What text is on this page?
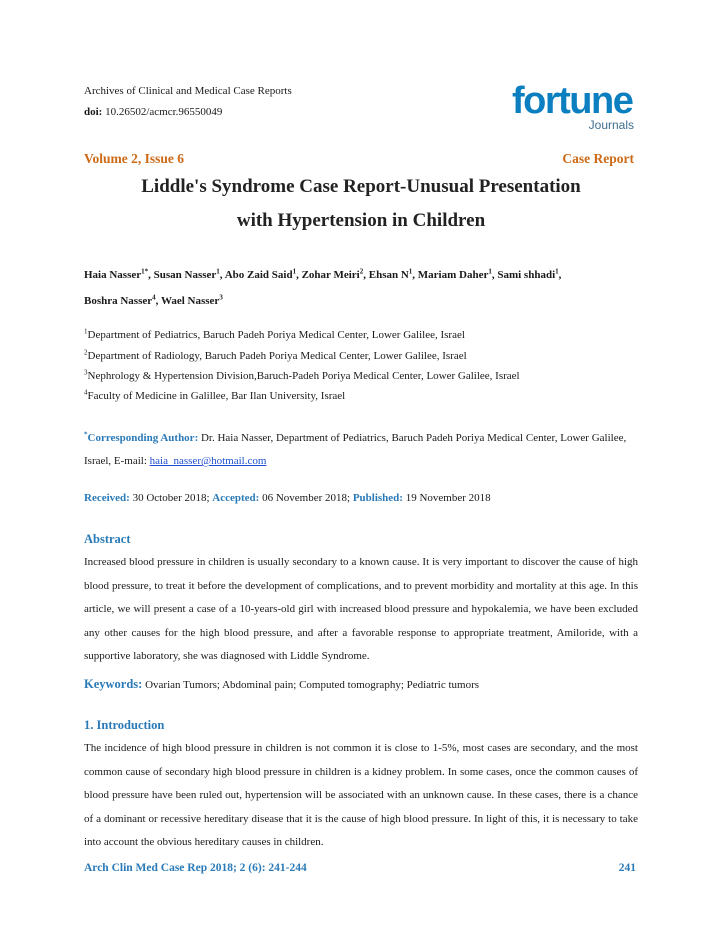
Archives of Clinical and Medical Case Reports
doi: 10.26502/acmcr.96550049	fortune
Journals
Volume 2, Issue 6	Case Report
Liddle's Syndrome Case Report-Unusual Presentation
with Hypertension in Children
Haia Nasser$^{1*}$, Susan Nasser$^1$, Abo Zaid Said$^1$, Zohar Meiri$^2$, Ehsan $N^1$, Mariam Daher$^1$, Sami shhadi$^1$,
Boshra Nasser$^4$, Wael Nasser$^3$
$^1$Department of Pediatrics, Baruch Padeh Poriya Medical Center, Lower Galilee, Israel
$^2$Department of Radiology, Baruch Padeh Poriya Medical Center, Lower Galilee, Israel
$^3$Nephrology & Hypertension Division,Baruch-Padeh Poriya Medical Center, Lower Galilee, Israel
$^4$Faculty of Medicine in Galillee, Bar Ilan University, Israel
*Corresponding Author: Dr. Haia Nasser, Department of Pediatrics, Baruch Padeh Poriya Medical Center, Lower Galilee, Israel, E-mail: haia_nasser@hotmail.com
Received: 30 October 2018; Accepted: 06 November 2018; Published: 19 November 2018
Abstract
Increased blood pressure in children is usually secondary to a known cause. It is very important to discover the cause of high blood pressure, to treat it before the development of complications, and to prevent morbidity and mortality at this age. In this article, we will present a case of a 10-years-old girl with increased blood pressure and hypokalemia, we have been excluded any other causes for the high blood pressure, and after a favorable response to appropriate treatment, Amiloride, with a supportive laboratory, she was diagnosed with Liddle Syndrome.
Keywords: Ovarian Tumors; Abdominal pain; Computed tomography; Pediatric tumors
1. Introduction
The incidence of high blood pressure in children is not common it is close to 1-5%, most cases are secondary, and the most common cause of secondary high blood pressure in children is a kidney problem. In some cases, once the common causes of blood pressure have been ruled out, hypertension will be associated with an unknown cause. In these cases, there is a chance of a dominant or recessive hereditary disease that it is the cause of high blood pressure. In light of this, it is necessary to take into account the obvious hereditary causes in children.
Arch Clin Med Case Rep 2018; 2 (6): 241-244	241
